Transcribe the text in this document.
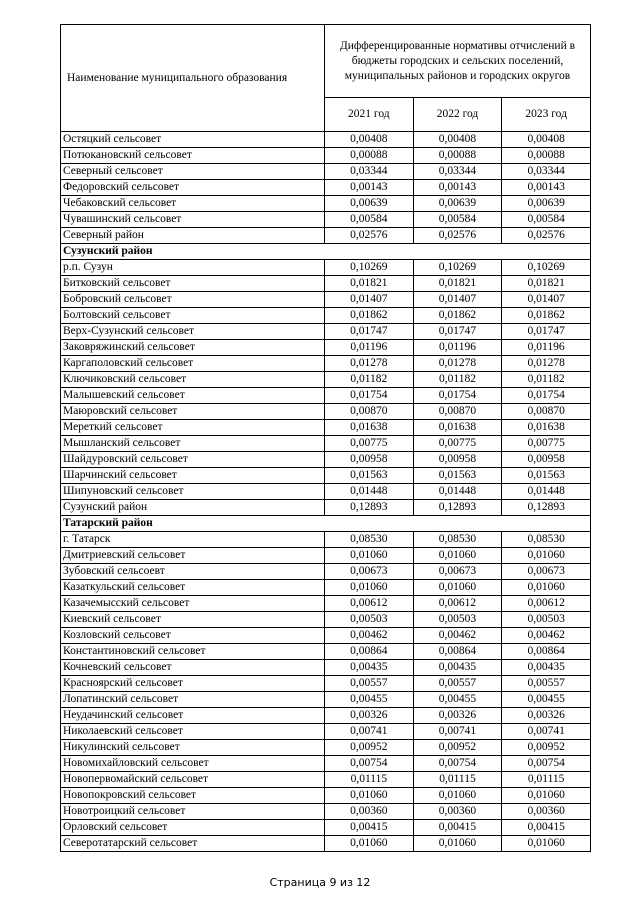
Наименование муниципального образования	Дифференцированные нормативы отчислений в бюджеты городских и сельских поселений, муниципальных районов и городских округов		
	2021 год	2022 год	2023 год
Остяцкий сельсовет	0,00408	0,00408	0,00408
Потюкановский сельсовет	0,00088	0,00088	0,00088
Северный сельсовет	0,03344	0,03344	0,03344
Федоровский сельсовет	0,00143	0,00143	0,00143
Чебаковский сельсовет	0,00639	0,00639	0,00639
Чувашинский сельсовет	0,00584	0,00584	0,00584
Северный район	0,02576	0,02576	0,02576
Сузунский район			
р.п. Сузун	0,10269	0,10269	0,10269
Битковский сельсовет	0,01821	0,01821	0,01821
Бобровский сельсовет	0,01407	0,01407	0,01407
Болтовский сельсовет	0,01862	0,01862	0,01862
Верх-Сузунский сельсовет	0,01747	0,01747	0,01747
Заковряжинский сельсовет	0,01196	0,01196	0,01196
Каргаполовский сельсовет	0,01278	0,01278	0,01278
Ключиковский сельсовет	0,01182	0,01182	0,01182
Малышевский сельсовет	0,01754	0,01754	0,01754
Маюровский сельсовет	0,00870	0,00870	0,00870
Мереткий сельсовет	0,01638	0,01638	0,01638
Мышланский сельсовет	0,00775	0,00775	0,00775
Шайдуровский сельсовет	0,00958	0,00958	0,00958
Шарчинский сельсовет	0,01563	0,01563	0,01563
Шипуновский сельсовет	0,01448	0,01448	0,01448
Сузунский район	0,12893	0,12893	0,12893
Татарский район			
г. Татарск	0,08530	0,08530	0,08530
Дмитриевский сельсовет	0,01060	0,01060	0,01060
Зубовский сельсоевт	0,00673	0,00673	0,00673
Казаткульский сельсовет	0,01060	0,01060	0,01060
Казачемысский сельсовет	0,00612	0,00612	0,00612
Киевский сельсовет	0,00503	0,00503	0,00503
Козловский сельсовет	0,00462	0,00462	0,00462
Константиновский сельсовет	0,00864	0,00864	0,00864
Кочневский сельсовет	0,00435	0,00435	0,00435
Красноярский сельсовет	0,00557	0,00557	0,00557
Лопатинский сельсовет	0,00455	0,00455	0,00455
Неудачинский сельсовет	0,00326	0,00326	0,00326
Николаевский сельсовет	0,00741	0,00741	0,00741
Никулинский сельсовет	0,00952	0,00952	0,00952
Новомихайловский сельсовет	0,00754	0,00754	0,00754
Новопервомайский сельсовет	0,01115	0,01115	0,01115
Новопокровский сельсовет	0,01060	0,01060	0,01060
Новотроицкий сельсовет	0,00360	0,00360	0,00360
Орловский сельсовет	0,00415	0,00415	0,00415
Северотатарский сельсовет	0,01060	0,01060	0,01060
Страница 9 из 12
